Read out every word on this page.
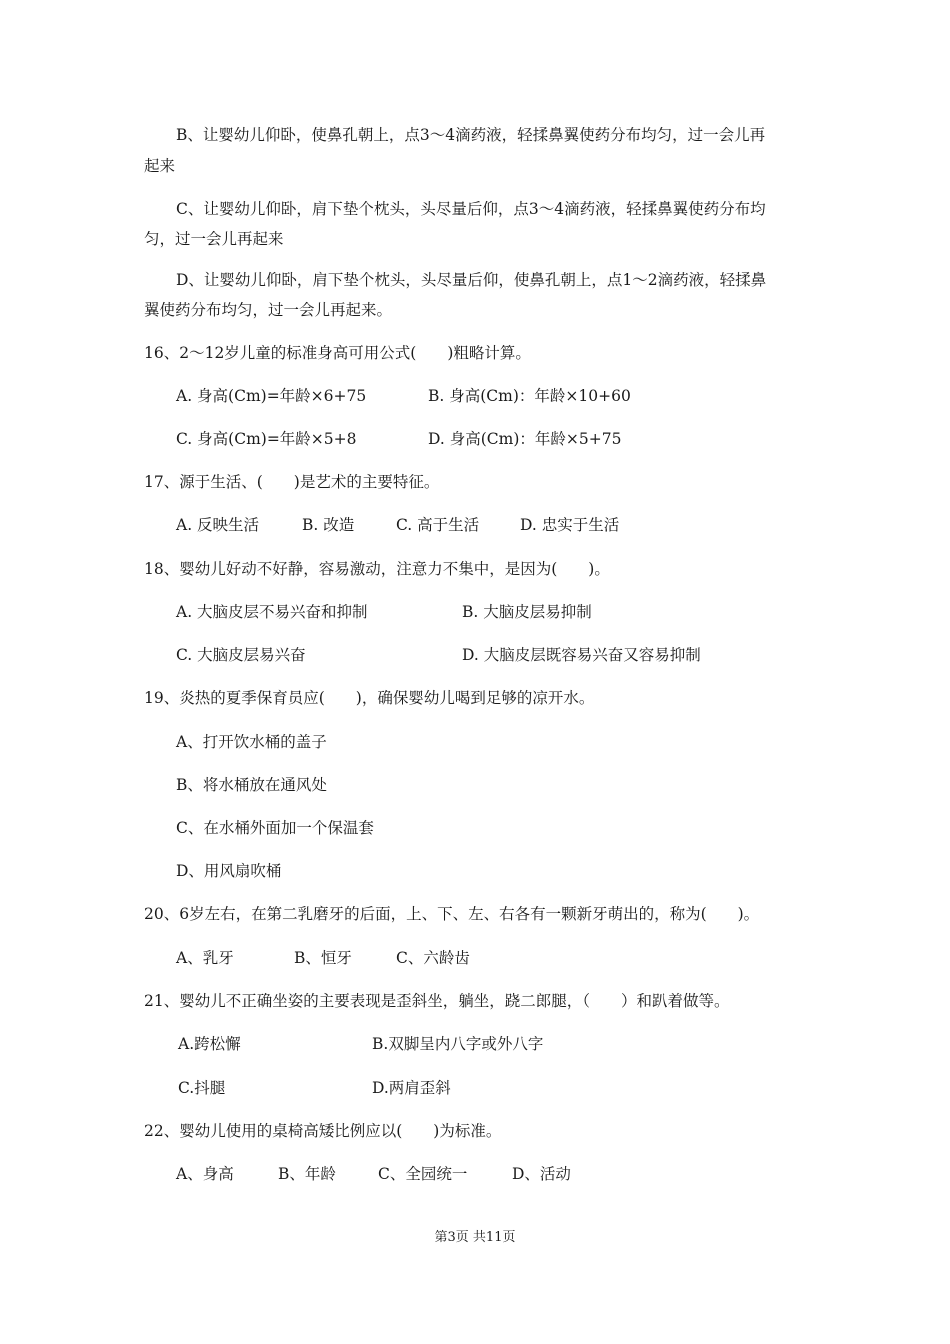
B、让婴幼儿仰卧，使鼻孔朝上，点3～4滴药液，轻揉鼻翼使药分布均匀，过一会儿再
起来
C、让婴幼儿仰卧，肩下垫个枕头，头尽量后仰，点3～4滴药液，轻揉鼻翼使药分布均
匀，过一会儿再起来
D、让婴幼儿仰卧，肩下垫个枕头，头尽量后仰，使鼻孔朝上，点1～2滴药液，轻揉鼻
翼使药分布均匀，过一会儿再起来。
16、2～12岁儿童的标准身高可用公式(　　)粗略计算。
A. 身高(Cm)=年龄×6+75	B. 身高(Cm)：年龄×10+60
C. 身高(Cm)=年龄×5+8	D. 身高(Cm)：年龄×5+75
17、源于生活、(　　)是艺术的主要特征。
A. 反映生活	B. 改造	C. 高于生活	D. 忠实于生活
18、婴幼儿好动不好静，容易激动，注意力不集中，是因为(　　)。
A. 大脑皮层不易兴奋和抑制	B. 大脑皮层易抑制
C. 大脑皮层易兴奋	D. 大脑皮层既容易兴奋又容易抑制
19、炎热的夏季保育员应(　　)，确保婴幼儿喝到足够的凉开水。
A、打开饮水桶的盖子
B、将水桶放在通风处
C、在水桶外面加一个保温套
D、用风扇吹桶
20、6岁左右，在第二乳磨牙的后面，上、下、左、右各有一颗新牙萌出的，称为(　　)。
A、乳牙	B、恒牙	C、六龄齿
21、婴幼儿不正确坐姿的主要表现是歪斜坐，躺坐，跷二郎腿，（　　）和趴着做等。
A.跨松懈	B.双脚呈内八字或外八字
C.抖腿	D.两肩歪斜
22、婴幼儿使用的桌椅高矮比例应以(　　)为标准。
A、身高	B、年龄	C、全园统一	D、活动
第3页 共11页
